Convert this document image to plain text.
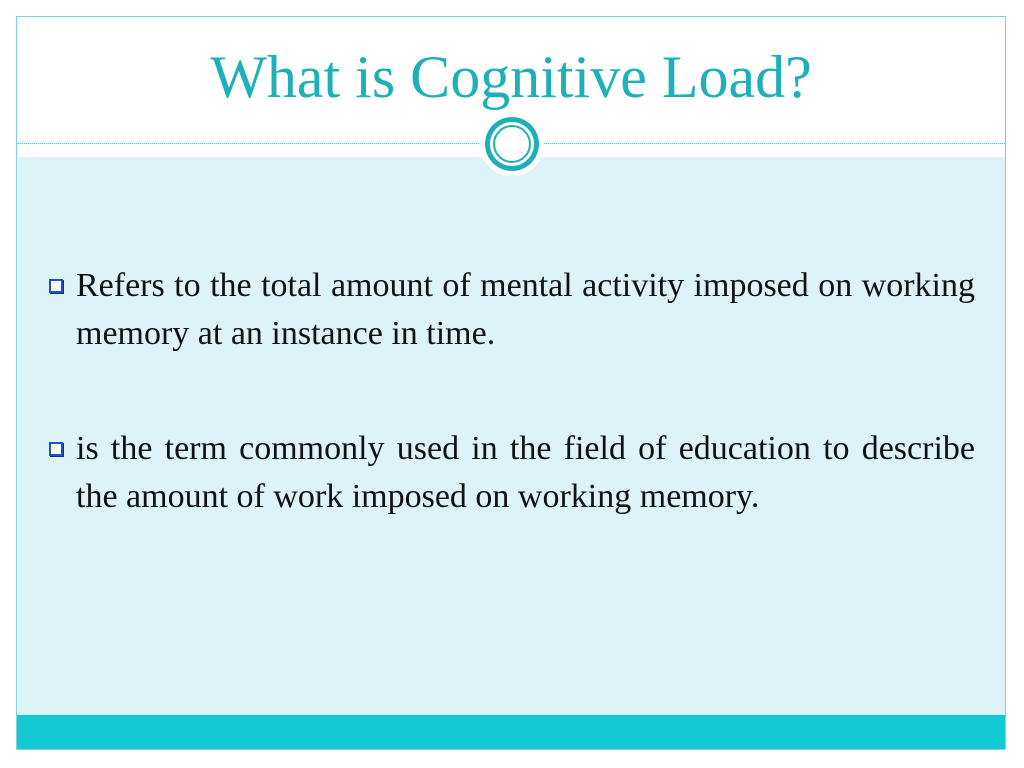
What is Cognitive Load?
Refers to the total amount of mental activity imposed on working memory at an instance in time.
is the term commonly used in the field of education to describe the amount of work imposed on working memory.
